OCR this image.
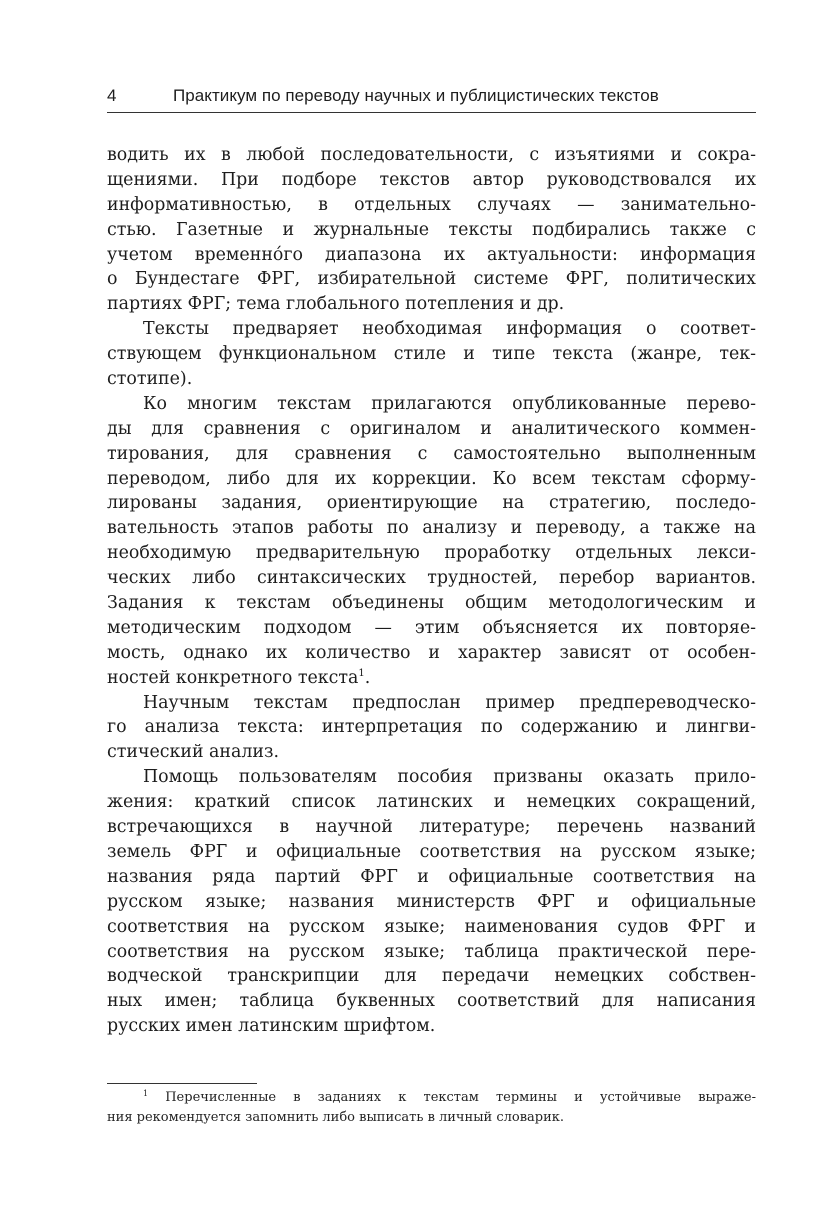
4	Практикум по переводу научных и публицистических текстов
водить их в любой последовательности, с изъятиями и сокра-
щениями. При подборе текстов автор руководствовался их
информативностью, в отдельных случаях — занимательно-
стью. Газетные и журнальные тексты подбирались также с
учетом временнóго диапазона их актуальности: информация
о Бундестаге ФРГ, избирательной системе ФРГ, политических
партиях ФРГ; тема глобального потепления и др.
Тексты предваряет необходимая информация о соответ-
ствующем функциональном стиле и типе текста (жанре, тек-
стотипе).
Ко многим текстам прилагаются опубликованные перево-
ды для сравнения с оригиналом и аналитического коммен-
тирования, для сравнения с самостоятельно выполненным
переводом, либо для их коррекции. Ко всем текстам сформу-
лированы задания, ориентирующие на стратегию, последо-
вательность этапов работы по анализу и переводу, а также на
необходимую предварительную проработку отдельных лекси-
ческих либо синтаксических трудностей, перебор вариантов.
Задания к текстам объединены общим методологическим и
методическим подходом — этим объясняется их повторяе-
мость, однако их количество и характер зависят от особен-
ностей конкретного текста$^1$.
Научным текстам предпослан пример предпереводческо-
го анализа текста: интерпретация по содержанию и лингви-
стический анализ.
Помощь пользователям пособия призваны оказать прило-
жения: краткий список латинских и немецких сокращений,
встречающихся в научной литературе; перечень названий
земель ФРГ и официальные соответствия на русском языке;
названия ряда партий ФРГ и официальные соответствия на
русском языке; названия министерств ФРГ и официальные
соответствия на русском языке; наименования судов ФРГ и
соответствия на русском языке; таблица практической пере-
водческой транскрипции для передачи немецких собствен-
ных имен; таблица буквенных соответствий для написания
русских имен латинским шрифтом.
$^1$ Перечисленные в заданиях к текстам термины и устойчивые выраже-
ния рекомендуется запомнить либо выписать в личный словарик.
